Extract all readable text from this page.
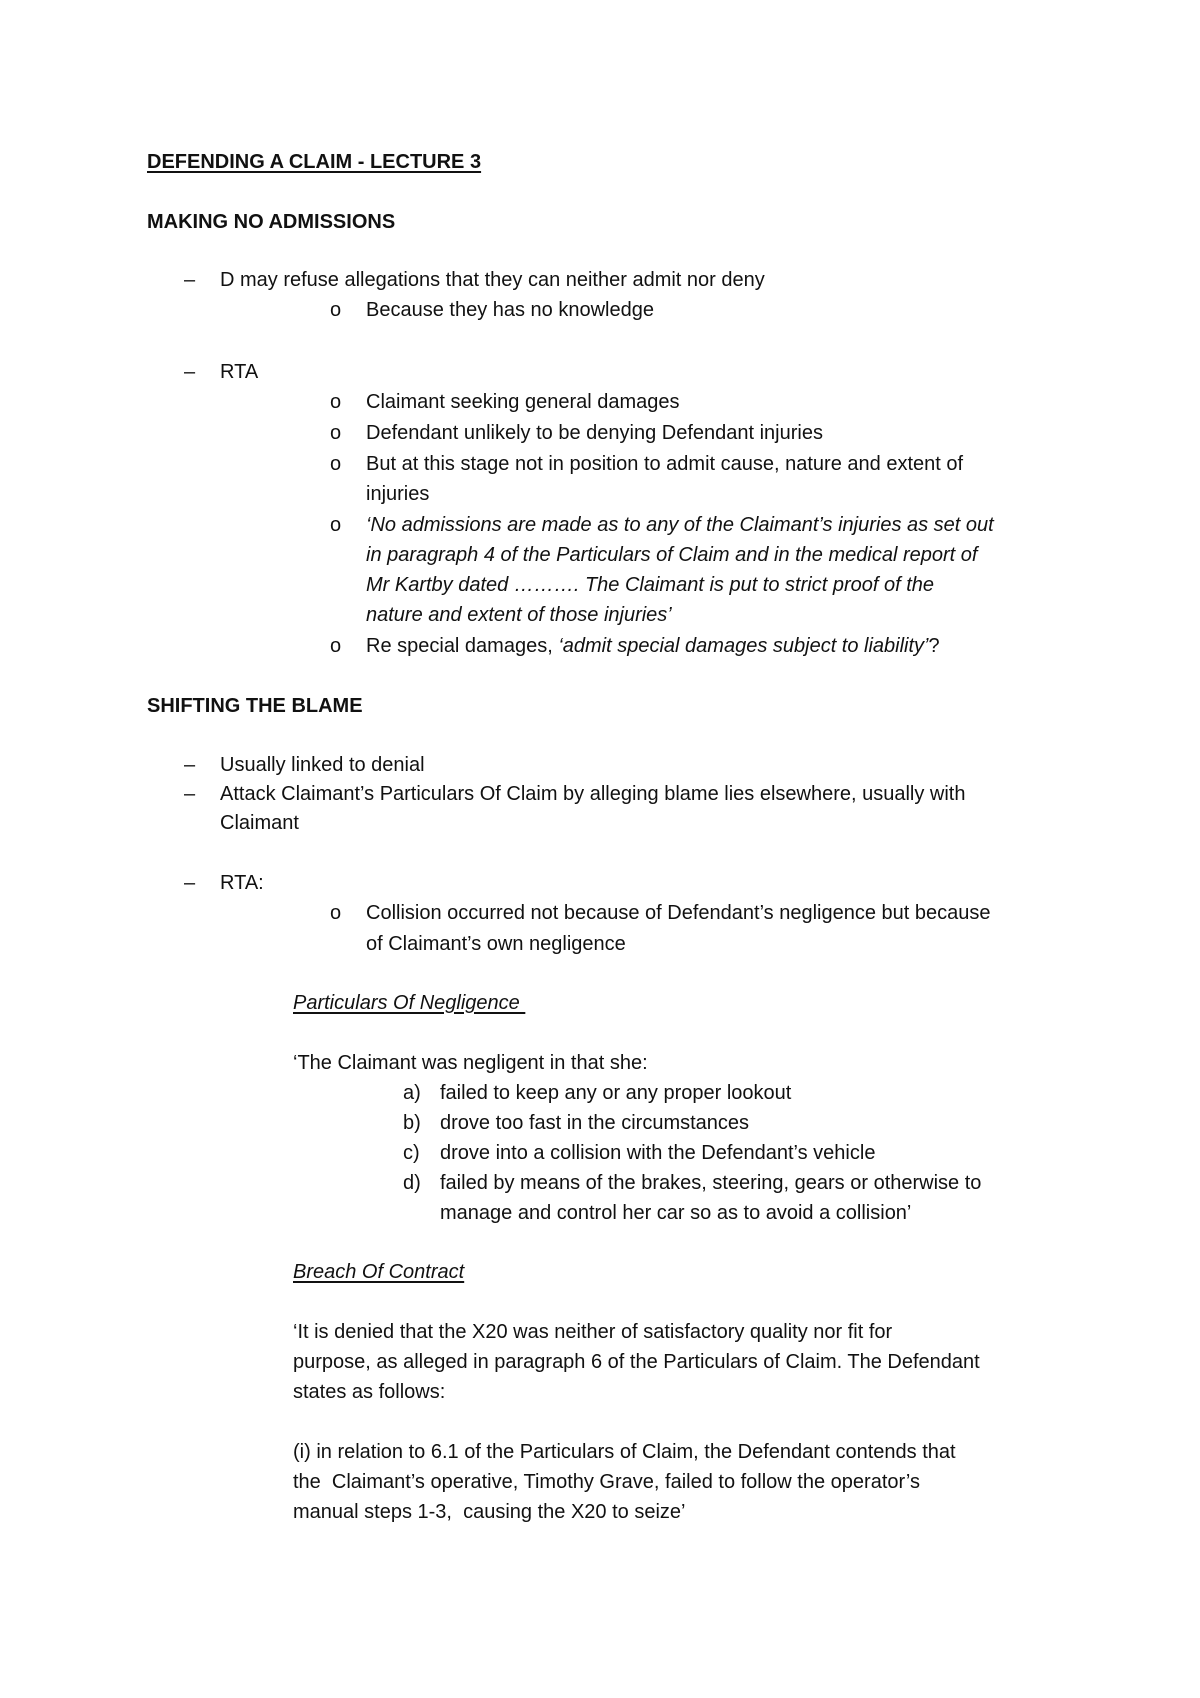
DEFENDING A CLAIM - LECTURE 3
MAKING NO ADMISSIONS
– D may refuse allegations that they can neither admit nor deny
o Because they has no knowledge
– RTA
o Claimant seeking general damages
o Defendant unlikely to be denying Defendant injuries
o But at this stage not in position to admit cause, nature and extent of
injuries
o ‘No admissions are made as to any of the Claimant’s injuries as set out
in paragraph 4 of the Particulars of Claim and in the medical report of
Mr Kartby dated ………. The Claimant is put to strict proof of the
nature and extent of those injuries’
o Re special damages, ‘admit special damages subject to liability’?
SHIFTING THE BLAME
– Usually linked to denial
– Attack Claimant’s Particulars Of Claim by alleging blame lies elsewhere, usually with
Claimant
– RTA:
o Collision occurred not because of Defendant’s negligence but because
of Claimant’s own negligence
Particulars Of Negligence
‘The Claimant was negligent in that she:
a) failed to keep any or any proper lookout
b) drove too fast in the circumstances
c) drove into a collision with the Defendant’s vehicle
d) failed by means of the brakes, steering, gears or otherwise to
manage and control her car so as to avoid a collision’
Breach Of Contract
‘It is denied that the X20 was neither of satisfactory quality nor fit for
purpose, as alleged in paragraph 6 of the Particulars of Claim. The Defendant
states as follows:
(i) in relation to 6.1 of the Particulars of Claim, the Defendant contends that
the  Claimant’s operative, Timothy Grave, failed to follow the operator’s
manual steps 1-3,  causing the X20 to seize’
